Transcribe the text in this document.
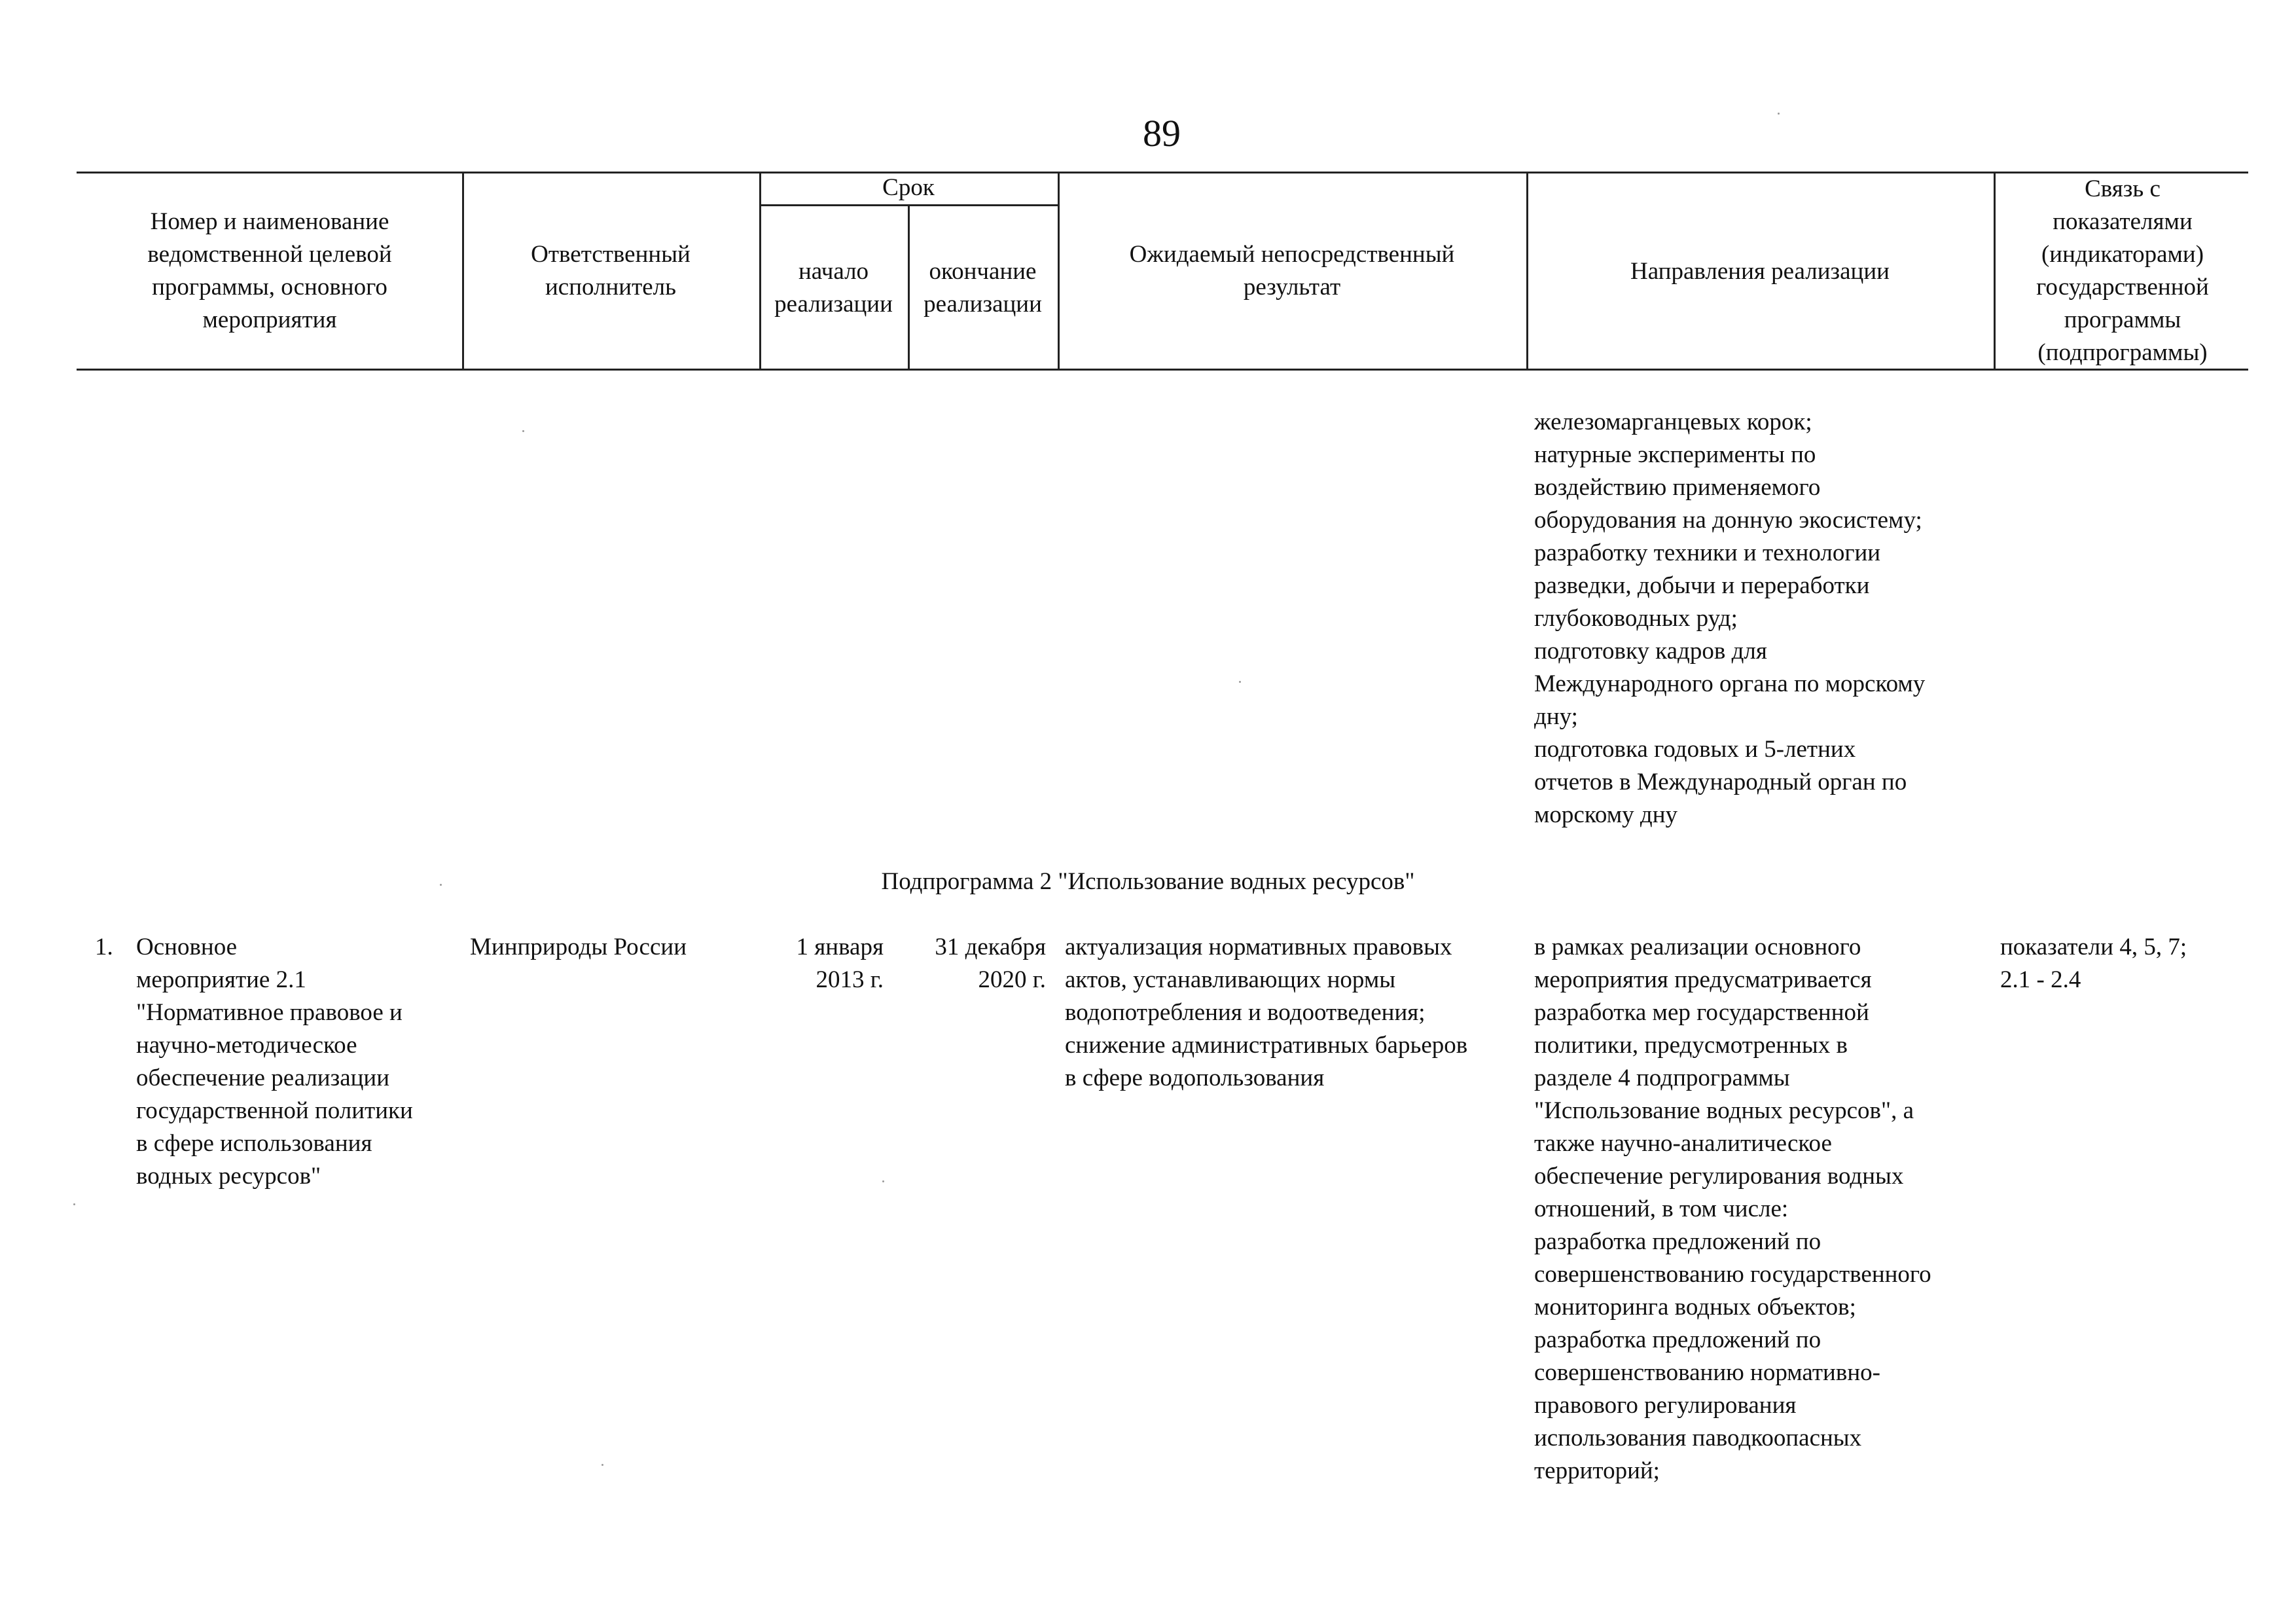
89
Номер и наименование
ведомственной целевой
программы, основного
мероприятия
Ответственный
исполнитель
Срок
начало
реализации
окончание
реализации
Ожидаемый непосредственный
результат
Направления реализации
Связь с
показателями
(индикаторами)
государственной
программы
(подпрограммы)
железомарганцевых корок;
натурные эксперименты по
воздействию применяемого
оборудования на донную экосистему;
разработку техники и технологии
разведки, добычи и переработки
глубоководных руд;
подготовку кадров для
Международного органа по морскому
дну;
подготовка годовых и 5-летних
отчетов в Международный орган по
морскому дну
Подпрограмма 2 "Использование водных ресурсов"
1. Основное
мероприятие 2.1
"Нормативное правовое и
научно-методическое
обеспечение реализации
государственной политики
в сфере использования
водных ресурсов"
Минприроды России	1 января
2013 г.
31 декабря
2020 г.
актуализация нормативных правовых
актов, устанавливающих нормы
водопотребления и водоотведения;
снижение административных барьеров
в сфере водопользования
в рамках реализации основного
мероприятия предусматривается
разработка мер государственной
политики, предусмотренных в
разделе 4 подпрограммы
"Использование водных ресурсов", а
также научно-аналитическое
обеспечение регулирования водных
отношений, в том числе:
разработка предложений по
совершенствованию государственного
мониторинга водных объектов;
разработка предложений по
совершенствованию нормативно-
правового регулирования
использования паводкоопасных
территорий;
показатели 4, 5, 7;
2.1 - 2.4
